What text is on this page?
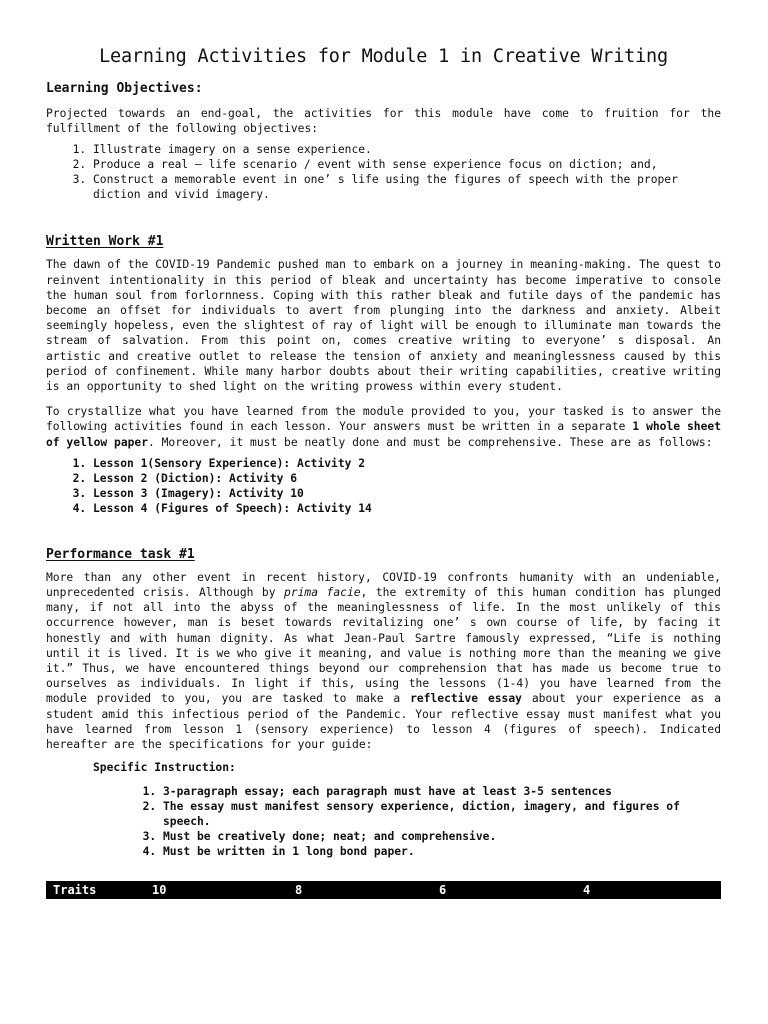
Learning Activities for Module 1 in Creative Writing
Learning Objectives:

Projected towards an end-goal, the activities for this module have come to fruition for the fulfillment of the following objectives:

1. Illustrate imagery on a sense experience.
2. Produce a real – life scenario / event with sense experience focus on diction; and,
3. Construct a memorable event in one’ s life using the figures of speech with the proper diction and vivid imagery.
Written Work #1

The dawn of the COVID-19 Pandemic pushed man to embark on a journey in meaning-making. The quest to reinvent intentionality in this period of bleak and uncertainty has become imperative to console the human soul from forlornness. Coping with this rather bleak and futile days of the pandemic has become an offset for individuals to avert from plunging into the darkness and anxiety. Albeit seemingly hopeless, even the slightest of ray of light will be enough to illuminate man towards the stream of salvation. From this point on, comes creative writing to everyone’ s disposal. An artistic and creative outlet to release the tension of anxiety and meaninglessness caused by this period of confinement. While many harbor doubts about their writing capabilities, creative writing is an opportunity to shed light on the writing prowess within every student.

To crystallize what you have learned from the module provided to you, your tasked is to answer the following activities found in each lesson. Your answers must be written in a separate 1 whole sheet of yellow paper. Moreover, it must be neatly done and must be comprehensive. These are as follows:

1. Lesson 1(Sensory Experience): Activity 2
2. Lesson 2 (Diction): Activity 6
3. Lesson 3 (Imagery): Activity 10
4. Lesson 4 (Figures of Speech): Activity 14
Performance task #1

More than any other event in recent history, COVID-19 confronts humanity with an undeniable, unprecedented crisis. Although by prima facie, the extremity of this human condition has plunged many, if not all into the abyss of the meaninglessness of life. In the most unlikely of this occurrence however, man is beset towards revitalizing one’ s own course of life, by facing it honestly and with human dignity. As what Jean-Paul Sartre famously expressed, “Life is nothing until it is lived. It is we who give it meaning, and value is nothing more than the meaning we give it.” Thus, we have encountered things beyond our comprehension that has made us become true to ourselves as individuals. In light if this, using the lessons (1-4) you have learned from the module provided to you, you are tasked to make a reflective essay about your experience as a student amid this infectious period of the Pandemic. Your reflective essay must manifest what you have learned from lesson 1 (sensory experience) to lesson 4 (figures of speech). Indicated hereafter are the specifications for your guide:

Specific Instruction:
1. 3-paragraph essay; each paragraph must have at least 3-5 sentences
2. The essay must manifest sensory experience, diction, imagery, and figures of speech.
3. Must be creatively done; neat; and comprehensive.
4. Must be written in 1 long bond paper.
Traits	10	8	6	4
